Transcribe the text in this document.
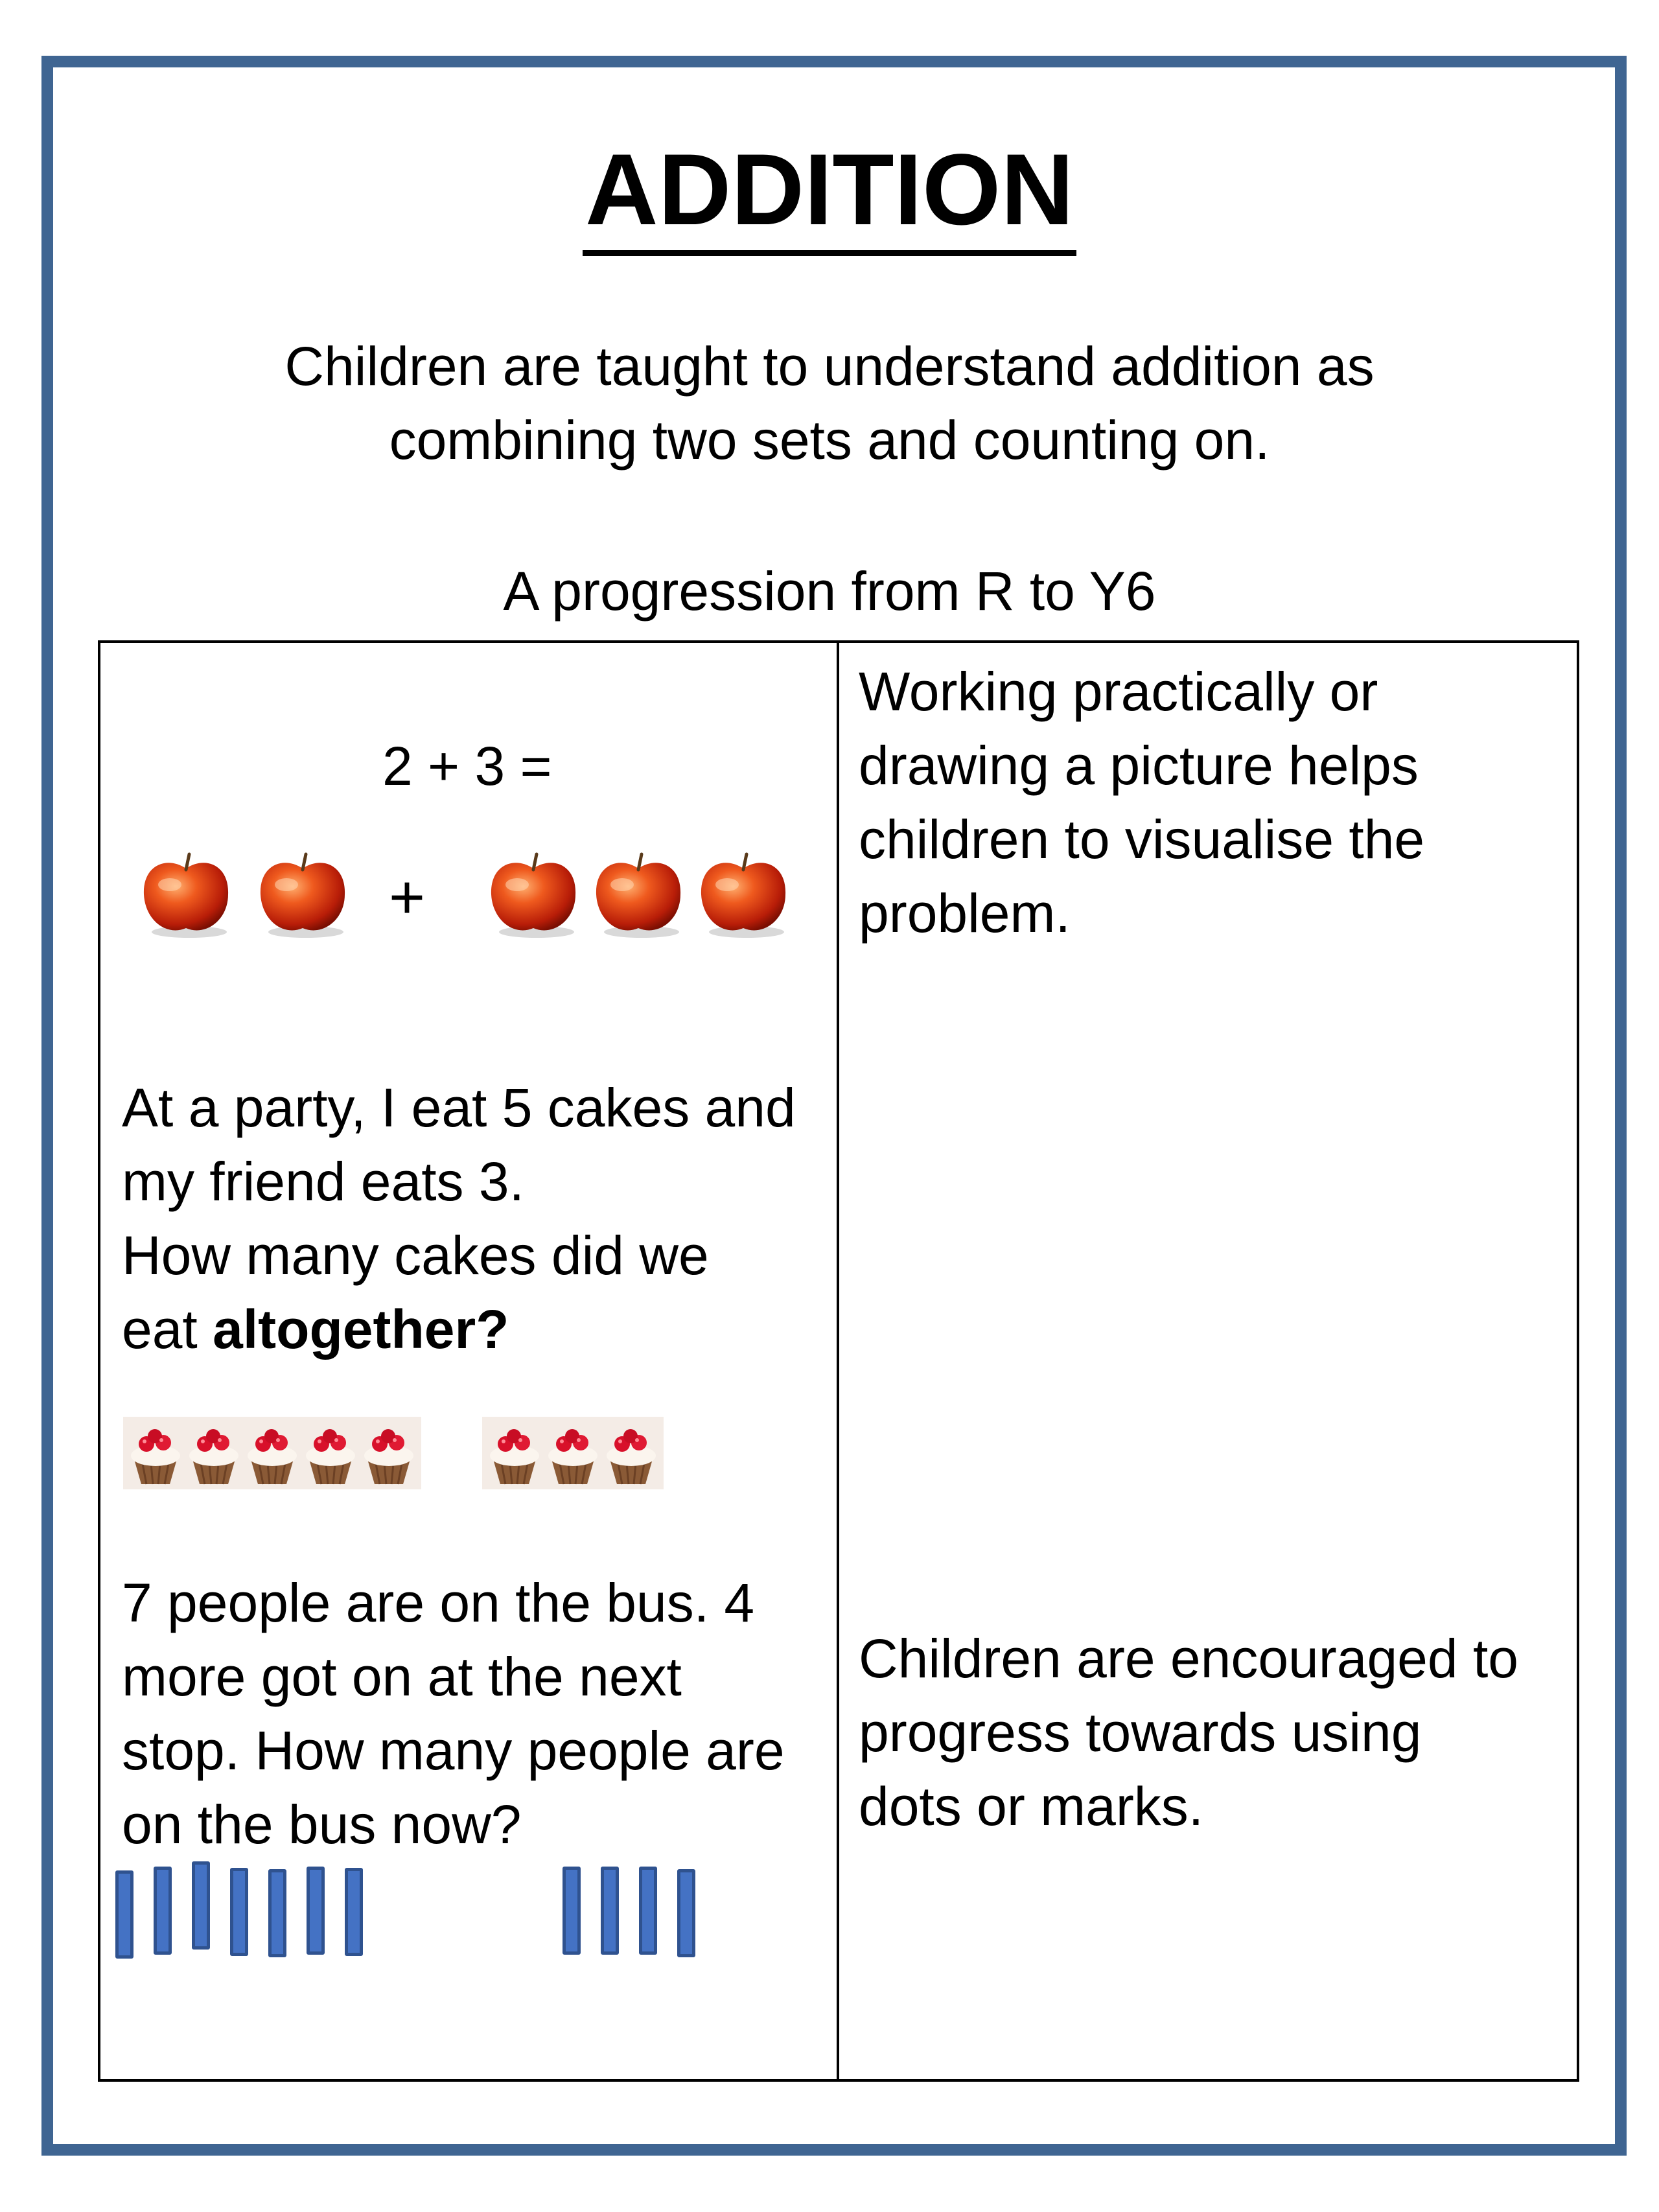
ADDITION
Children are taught to understand addition as
combining two sets and counting on.
A progression from R to Y6
2 + 3 =
+
At a party, I eat 5 cakes and
my friend eats 3.
How many cakes did we
eat altogether?
7 people are on the bus. 4
more got on at the next
stop. How many people are
on the bus now?
Working practically or
drawing a picture helps
children to visualise the
problem.
Children are encouraged to
progress towards using
dots or marks.
